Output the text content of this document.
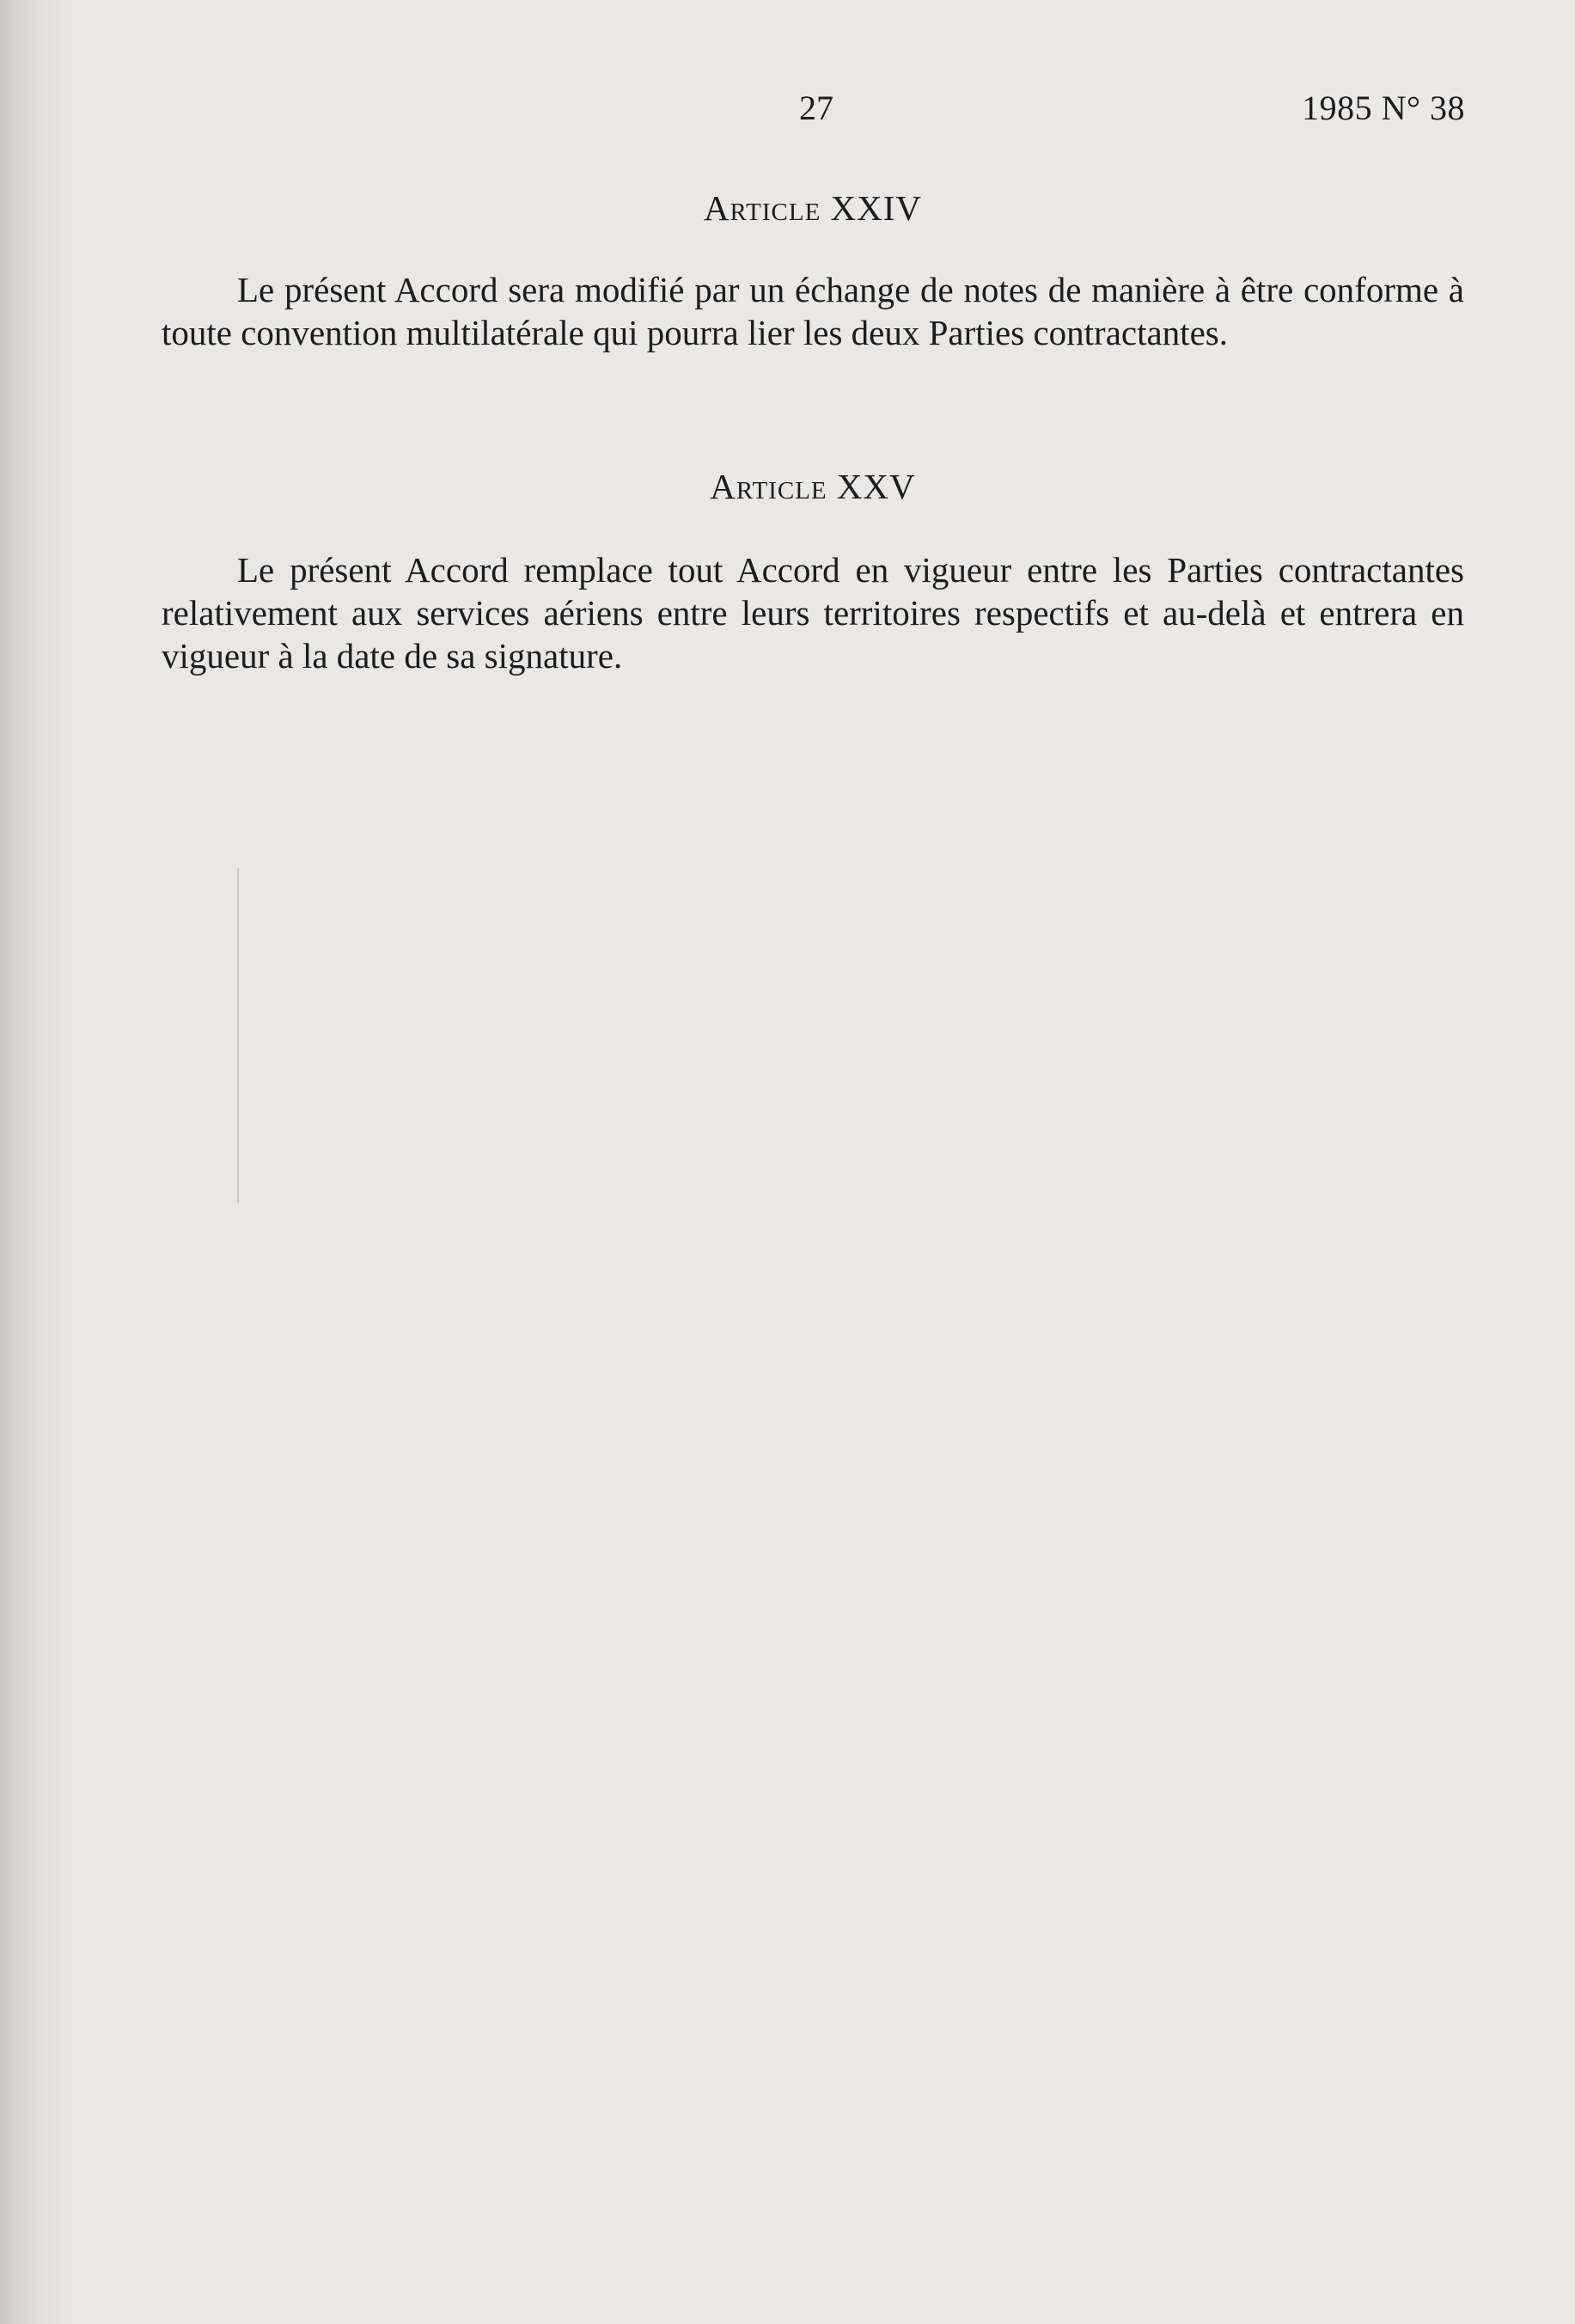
27	1985 N° 38
Article XXIV

Le présent Accord sera modifié par un échange de notes de manière à être conforme à toute convention multilatérale qui pourra lier les deux Parties contractantes.

Article XXV

Le présent Accord remplace tout Accord en vigueur entre les Parties contractantes relativement aux services aériens entre leurs territoires respectifs et au-delà et entrera en vigueur à la date de sa signature.
